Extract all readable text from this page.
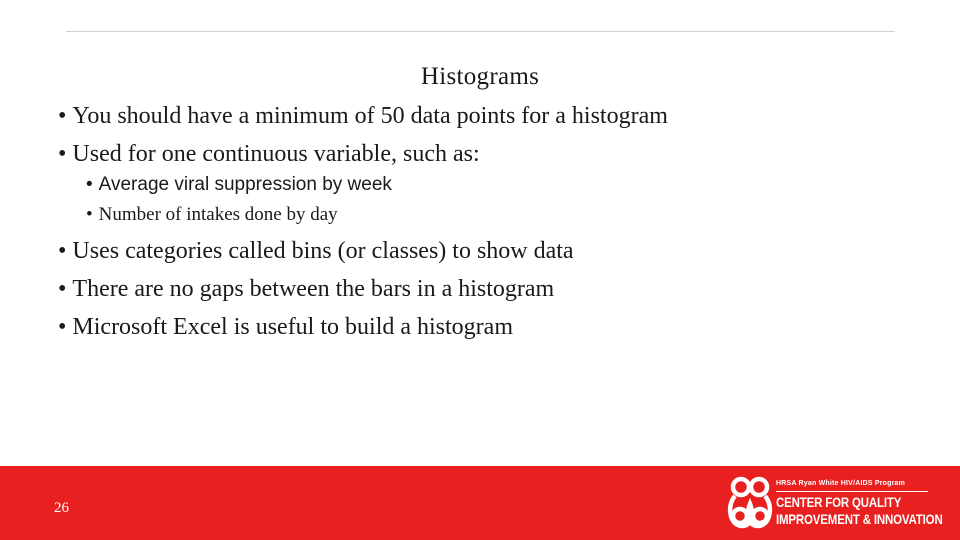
Histograms
• You should have a minimum of 50 data points for a histogram
• Used for one continuous variable, such as:
• Average viral suppression by week
• Number of intakes done by day
• Uses categories called bins (or classes) to show data
• There are no gaps between the bars in a histogram
• Microsoft Excel is useful to build a histogram
26
HRSA Ryan White HIV/AIDS Program
CENTER FOR QUALITY
IMPROVEMENT & INNOVATION
